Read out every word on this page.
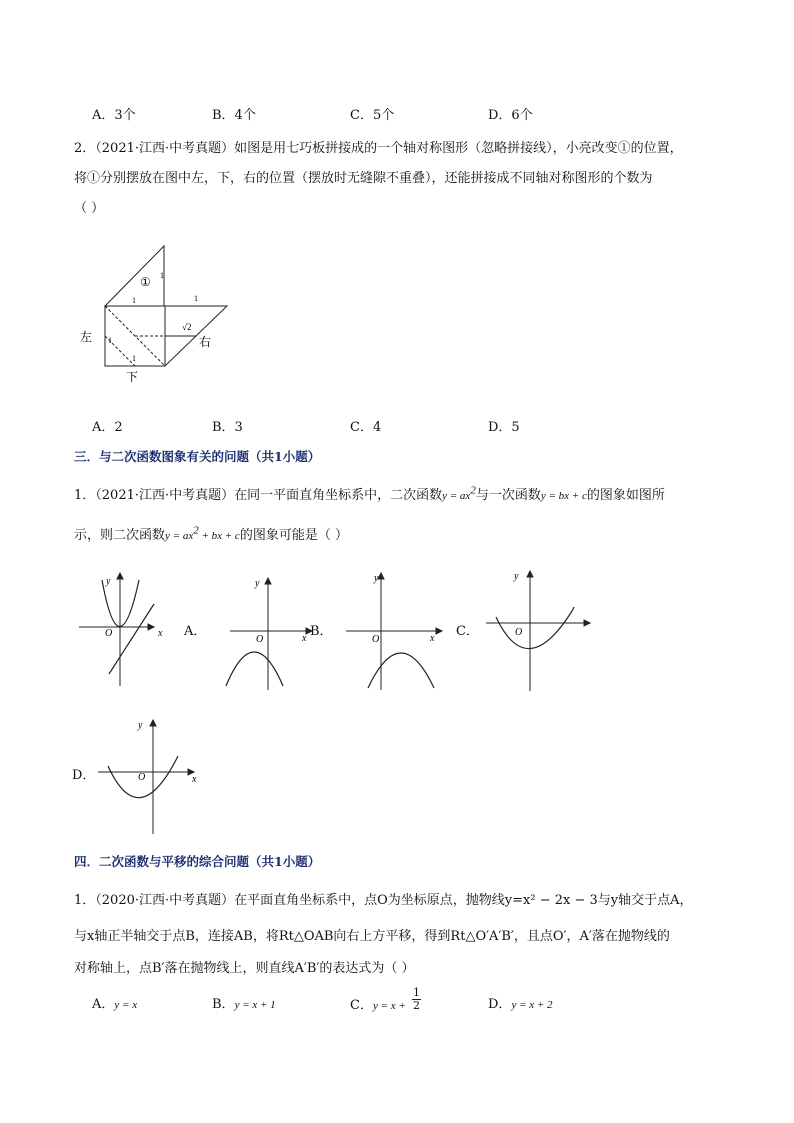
A．3个	B．4个	C．5个	D．6个
2．（2021·江西·中考真题）如图是用七巧板拼接成的一个轴对称图形（忽略拼接线），小亮改变①的位置，
将①分别摆放在图中左，下，右的位置（摆放时无缝隙不重叠），还能拼接成不同轴对称图形的个数为
（ ）
① 1
1	1
1
1
√2
左	右
下
A．2	B．3	C．4	D．5
三．与二次函数图象有关的问题（共1小题）
1．（2021·江西·中考真题）在同一平面直角坐标系中，二次函数$y = ax^2$与一次函数y = bx + c的图象如图所
示，则二次函数$y = ax^2$ + bx + c的图象可能是（ ）
y
x
O	A．
y
x
O
B．
y
x
O
C．
y
O
D．
y
x
O
四．二次函数与平移的综合问题（共1小题）
1．（2020·江西·中考真题）在平面直角坐标系中，点O为坐标原点，抛物线y=x² − 2x − 3与y轴交于点A，
与x轴正半轴交于点B，连接AB，将Rt△OAB向右上方平移，得到Rt△O′A′B′，且点O′，A′落在抛物线的
对称轴上，点B′落在抛物线上，则直线A′B′的表达式为（ ）
A．y = x	B．y = x + 1	C．$_{y = x +} \frac{1}{2}$	D．y = x + 2
